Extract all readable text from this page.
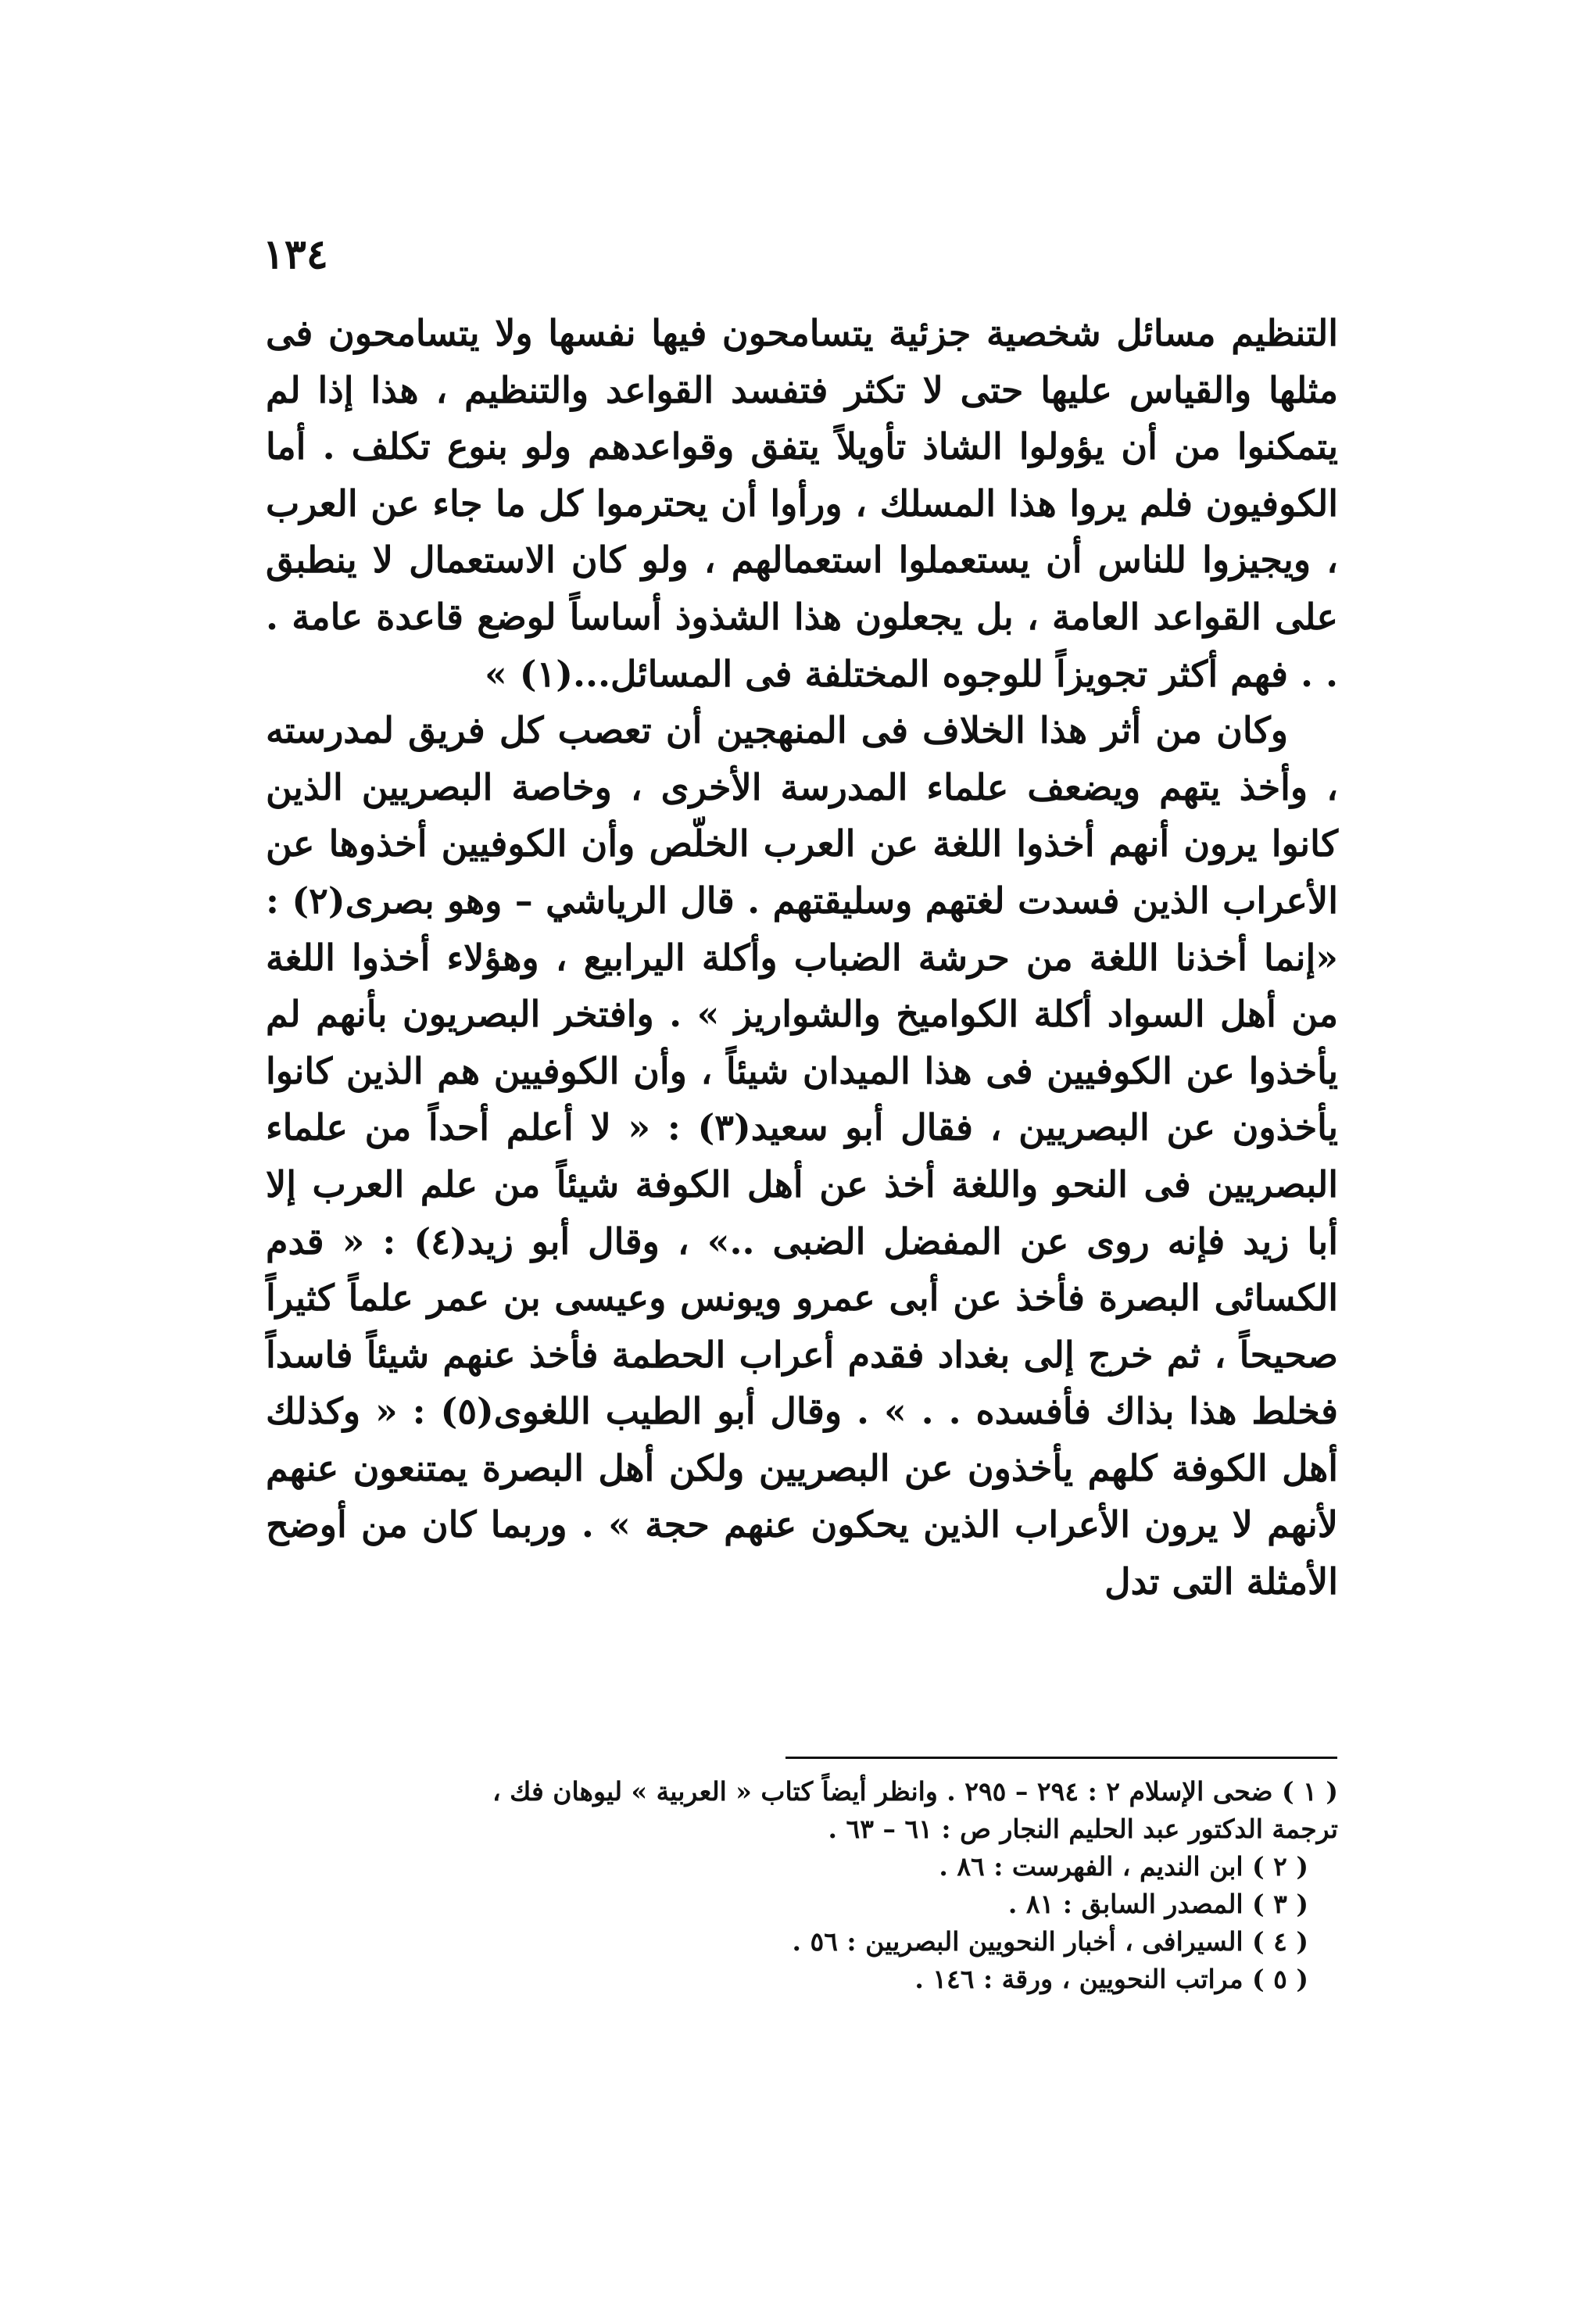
١٣٤

التنظيم مسائل شخصية جزئية يتسامحون فيها نفسها ولا يتسامحون فى مثلها والقياس عليها حتى لا تكثر فتفسد القواعد والتنظيم ، هذا إذا لم يتمكنوا من أن يؤولوا الشاذ تأويلاً يتفق وقواعدهم ولو بنوع تكلف . أما الكوفيون فلم يروا هذا المسلك ، ورأوا أن يحترموا كل ما جاء عن العرب ، ويجيزوا للناس أن يستعملوا استعمالهم ، ولو كان الاستعمال لا ينطبق على القواعد العامة ، بل يجعلون هذا الشذوذ أساساً لوضع قاعدة عامة . . . فهم أكثر تجويزاً للوجوه المختلفة فى المسائل...(١) »

وكان من أثر هذا الخلاف فى المنهجين أن تعصب كل فريق لمدرسته ، وأخذ يتهم ويضعف علماء المدرسة الأخرى ، وخاصة البصريين الذين كانوا يرون أنهم أخذوا اللغة عن العرب الخلّص وأن الكوفيين أخذوها عن الأعراب الذين فسدت لغتهم وسليقتهم . قال الرياشي – وهو بصرى(٢) : «إنما أخذنا اللغة من حرشة الضباب وأكلة اليرابيع ، وهؤلاء أخذوا اللغة من أهل السواد أكلة الكواميخ والشواريز » . وافتخر البصريون بأنهم لم يأخذوا عن الكوفيين فى هذا الميدان شيئاً ، وأن الكوفيين هم الذين كانوا يأخذون عن البصريين ، فقال أبو سعيد(٣) : « لا أعلم أحداً من علماء البصريين فى النحو واللغة أخذ عن أهل الكوفة شيئاً من علم العرب إلا أبا زيد فإنه روى عن المفضل الضبى ..» ، وقال أبو زيد(٤) : « قدم الكسائى البصرة فأخذ عن أبى عمرو ويونس وعيسى بن عمر علماً كثيراً صحيحاً ، ثم خرج إلى بغداد فقدم أعراب الحطمة فأخذ عنهم شيئاً فاسداً فخلط هذا بذاك فأفسده . . » . وقال أبو الطيب اللغوى(٥) : « وكذلك أهل الكوفة كلهم يأخذون عن البصريين ولكن أهل البصرة يمتنعون عنهم لأنهم لا يرون الأعراب الذين يحكون عنهم حجة » . وربما كان من أوضح الأمثلة التى تدل

( ١ ) ضحى الإسلام ٢ : ٢٩٤ – ٢٩٥ . وانظر أيضاً كتاب « العربية » ليوهان فك ،

ترجمة الدكتور عبد الحليم النجار ص : ٦١ – ٦٣ .

( ٢ ) ابن النديم ، الفهرست : ٨٦ .

( ٣ ) المصدر السابق : ٨١ .

( ٤ ) السيرافى ، أخبار النحويين البصريين : ٥٦ .

( ٥ ) مراتب النحويين ، ورقة : ١٤٦ .
